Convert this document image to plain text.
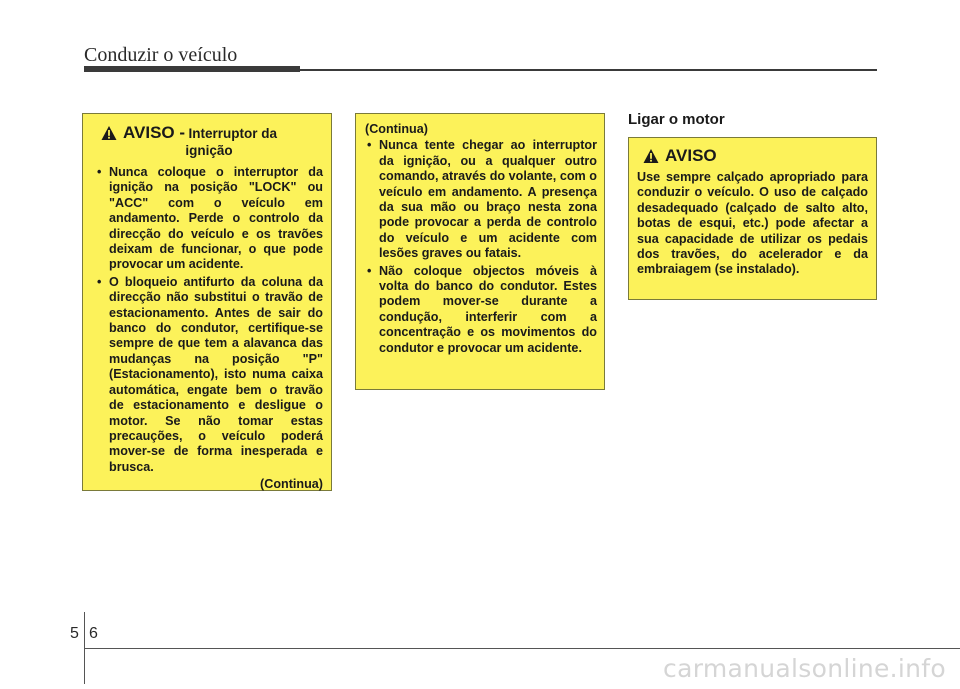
Conduzir o veículo
AVISO - Interruptor da
ignição
• Nunca coloque o interruptor da ignição na posição "LOCK" ou "ACC" com o veículo em andamento. Perde o controlo da direcção do veículo e os travões deixam de funcionar, o que pode provocar um acidente.
• O bloqueio antifurto da coluna da direcção não substitui o travão de estacionamento. Antes de sair do banco do condutor, certifique-se sempre de que tem a alavanca das mudanças na posição "P" (Estacionamento), isto numa caixa automática, engate bem o travão de estacionamento e desligue o motor. Se não tomar estas precauções, o veículo poderá mover-se de forma inesperada e brusca.
(Continua)
(Continua)
• Nunca tente chegar ao interruptor da ignição, ou a qualquer outro comando, através do volante, com o veículo em andamento. A presença da sua mão ou braço nesta zona pode provocar a perda de controlo do veículo e um acidente com lesões graves ou fatais.
• Não coloque objectos móveis à volta do banco do condutor. Estes podem mover-se durante a condução, interferir com a concentração e os movimentos do condutor e provocar um acidente.
Ligar o motor
AVISO

Use sempre calçado apropriado para conduzir o veículo. O uso de calçado desadequado (calçado de salto alto, botas de esqui, etc.) pode afectar a sua capacidade de utilizar os pedais dos travões, do acelerador e da embraiagem (se instalado).

5 6
carmanualsonline.info
